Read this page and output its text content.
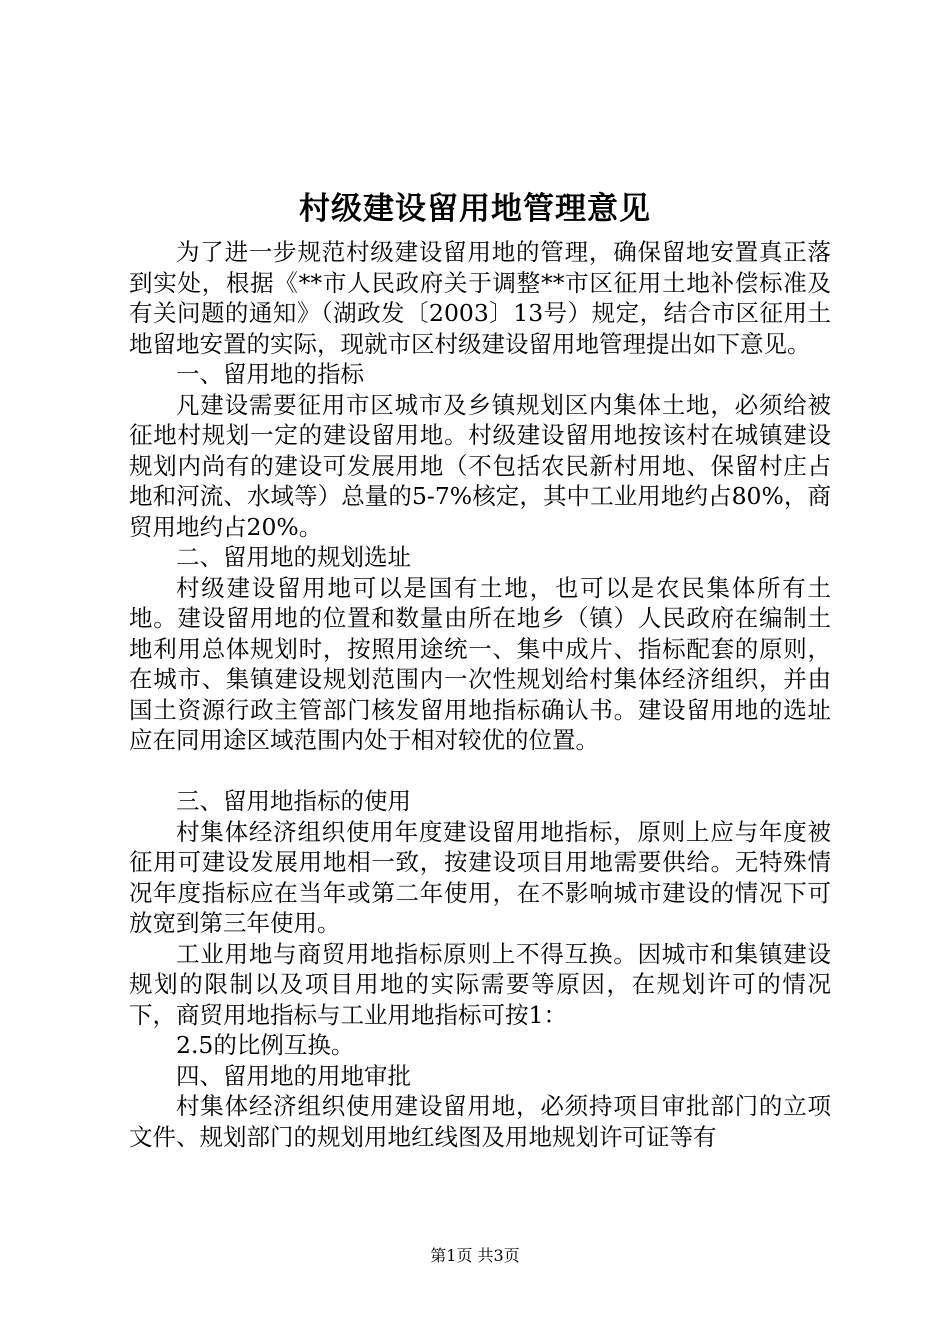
村级建设留用地管理意见

为了进一步规范村级建设留用地的管理，确保留地安置真正落到实处，根据《**市人民政府关于调整**市区征用土地补偿标准及有关问题的通知》（湖政发〔2003〕13号）规定，结合市区征用土地留地安置的实际，现就市区村级建设留用地管理提出如下意见。

一、留用地的指标

凡建设需要征用市区城市及乡镇规划区内集体土地，必须给被征地村规划一定的建设留用地。村级建设留用地按该村在城镇建设规划内尚有的建设可发展用地（不包括农民新村用地、保留村庄占地和河流、水域等）总量的5-7%核定，其中工业用地约占80%，商贸用地约占20%。

二、留用地的规划选址

村级建设留用地可以是国有土地，也可以是农民集体所有土地。建设留用地的位置和数量由所在地乡（镇）人民政府在编制土地利用总体规划时，按照用途统一、集中成片、指标配套的原则，在城市、集镇建设规划范围内一次性规划给村集体经济组织，并由国土资源行政主管部门核发留用地指标确认书。建设留用地的选址应在同用途区域范围内处于相对较优的位置。

三、留用地指标的使用

村集体经济组织使用年度建设留用地指标，原则上应与年度被征用可建设发展用地相一致，按建设项目用地需要供给。无特殊情况年度指标应在当年或第二年使用，在不影响城市建设的情况下可放宽到第三年使用。

工业用地与商贸用地指标原则上不得互换。因城市和集镇建设规划的限制以及项目用地的实际需要等原因，在规划许可的情况下，商贸用地指标与工业用地指标可按1：

2.5的比例互换。

四、留用地的用地审批

村集体经济组织使用建设留用地，必须持项目审批部门的立项文件、规划部门的规划用地红线图及用地规划许可证等有

第1页 共3页
